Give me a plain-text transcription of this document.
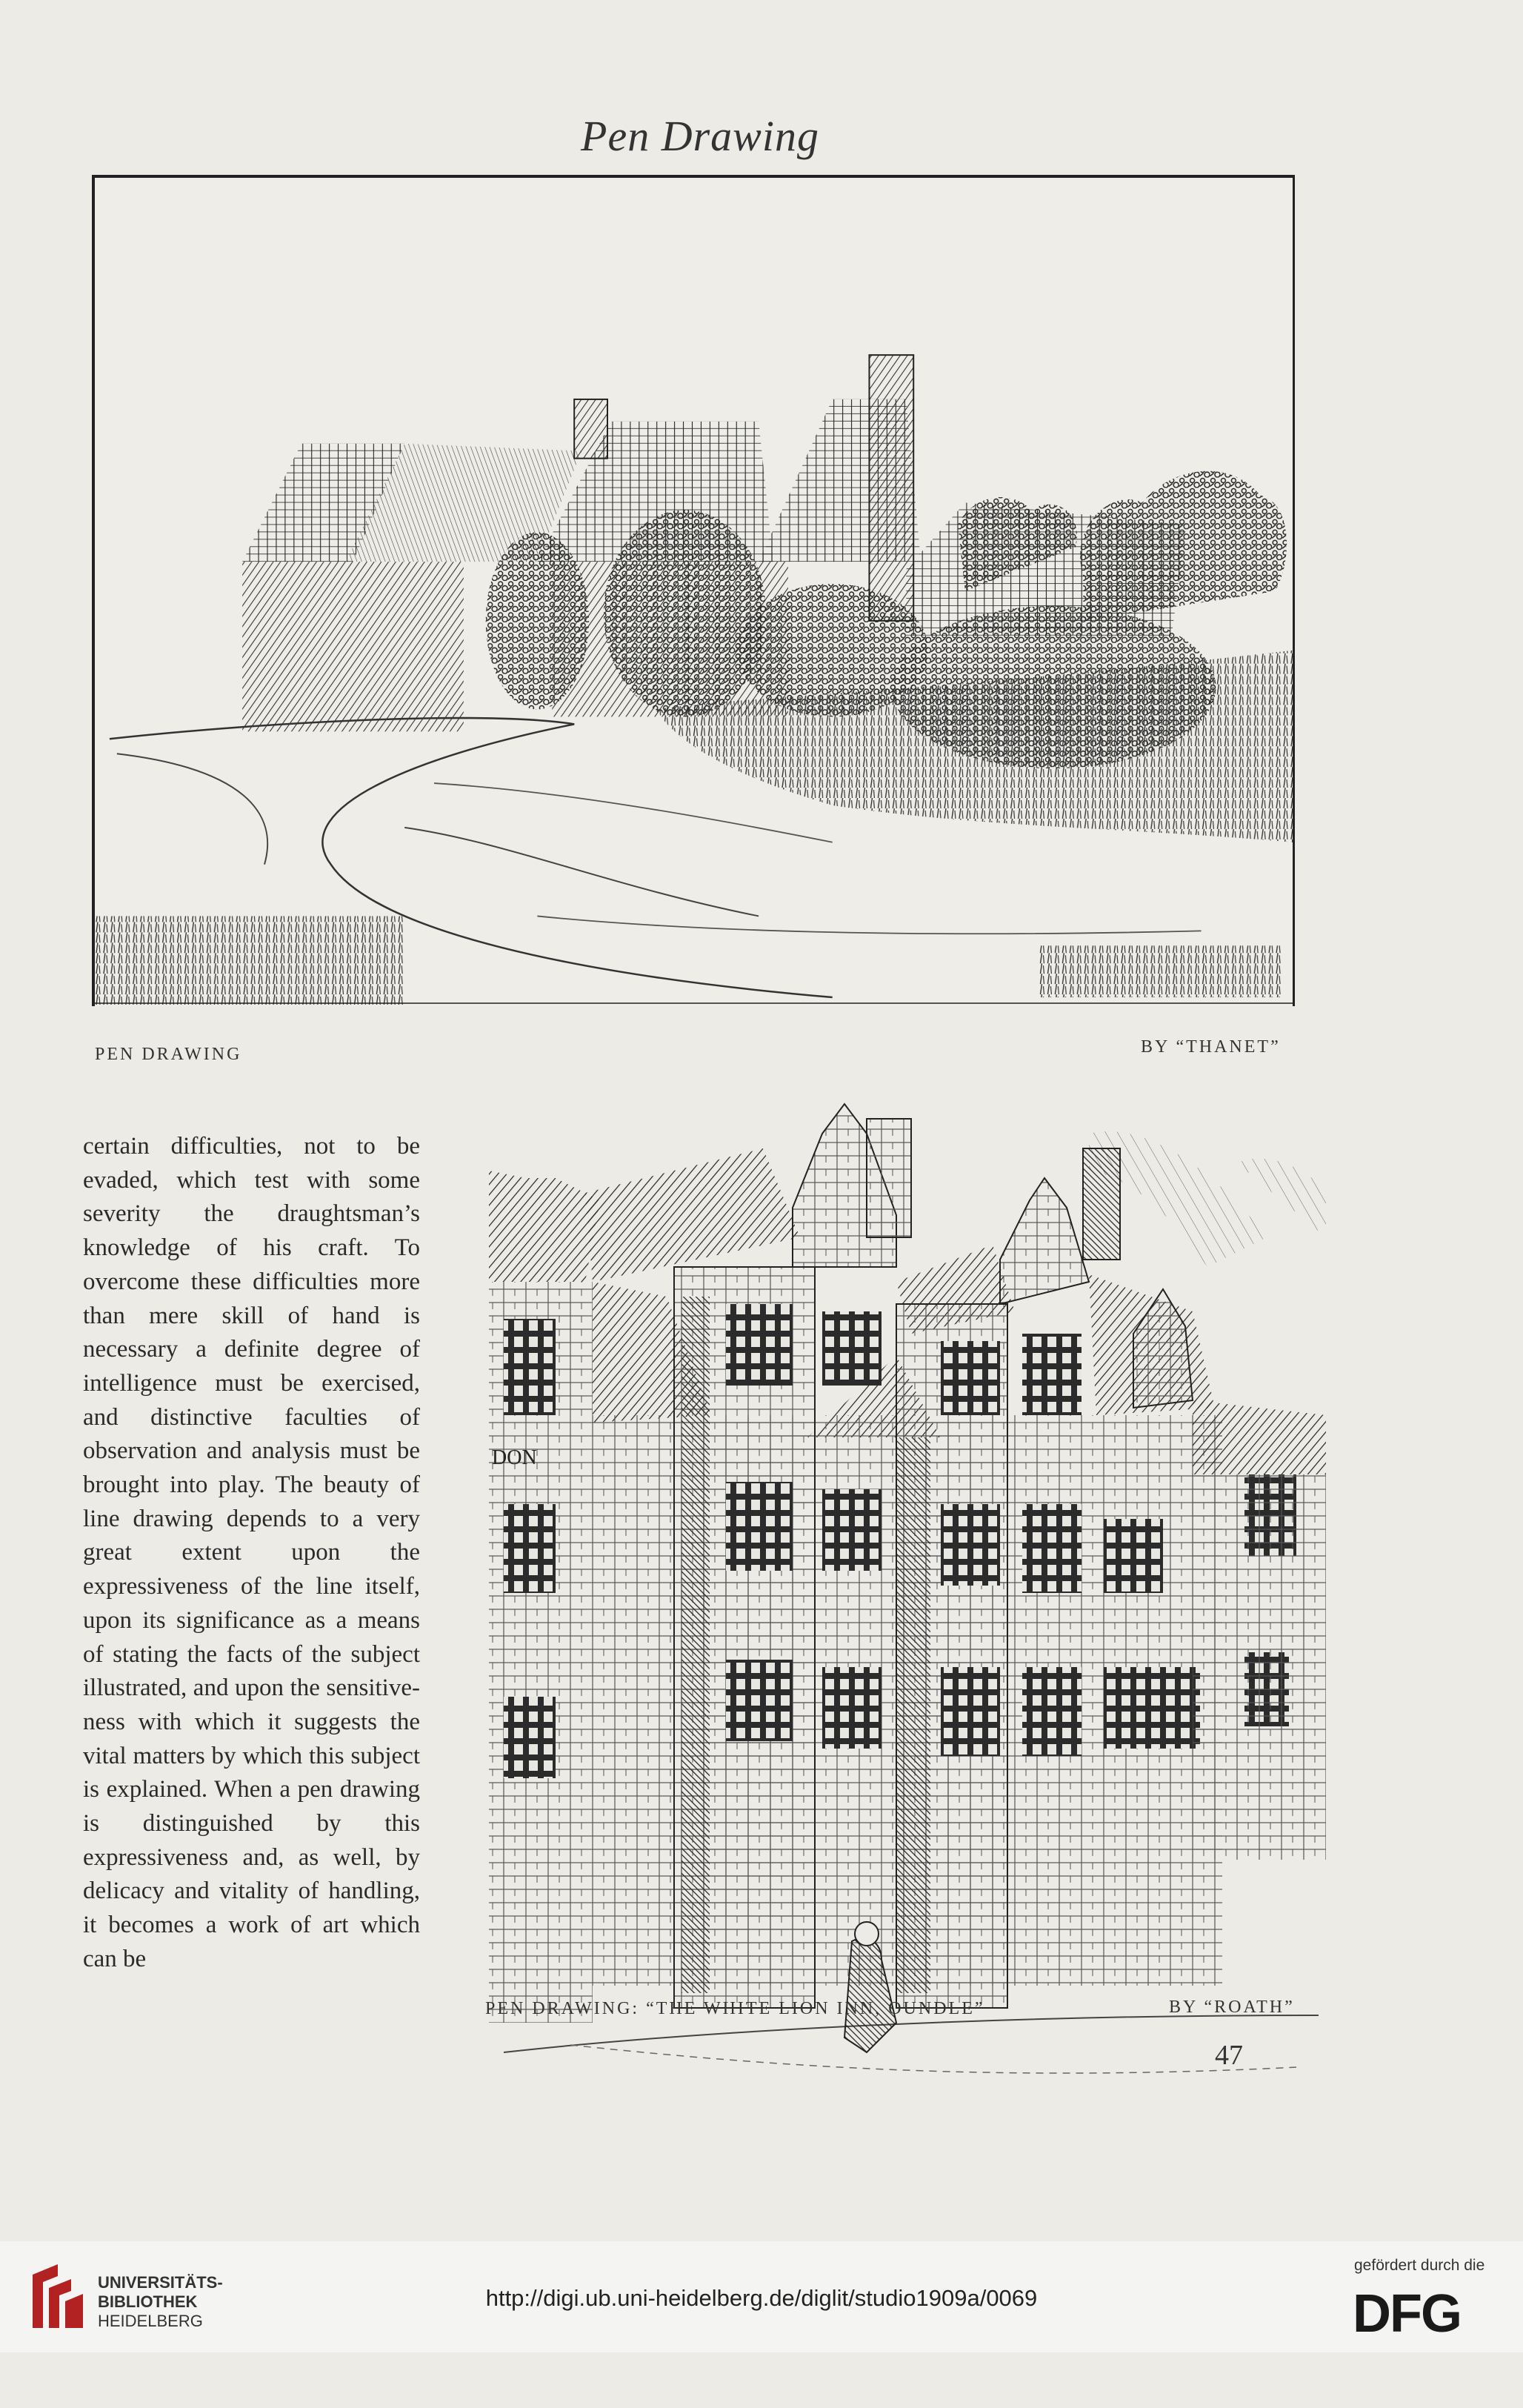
Pen Drawing
PEN DRAWING	BY “THANET”

certain difficulties, not to be evaded, which test with some severity the draughtsman’s knowledge of his craft. To overcome these difficulties more than mere skill of hand is necessary a definite degree of intelligence must be exercised, and distinctive faculties of observation and analysis must be brought into play. The beauty of line drawing depends to a very great extent upon the expressiveness of the line itself, upon its significance as a means of stating the facts of the subject illustrated, and upon the sensitiveness with which it suggests the vital matters by which this subject is explained. When a pen drawing is distinguished by this expressiveness and, as well, by delicacy and vitality of handling, it becomes a work of art which can be

DON
PEN DRAWING: “THE WHITE LION INN, OUNDLE”	BY “ROATH”
47
UNIVERSITÄTS-
BIBLIOTHEK
HEIDELBERG
http://digi.ub.uni-heidelberg.de/diglit/studio1909a/0069
gefördert durch die
DFG
